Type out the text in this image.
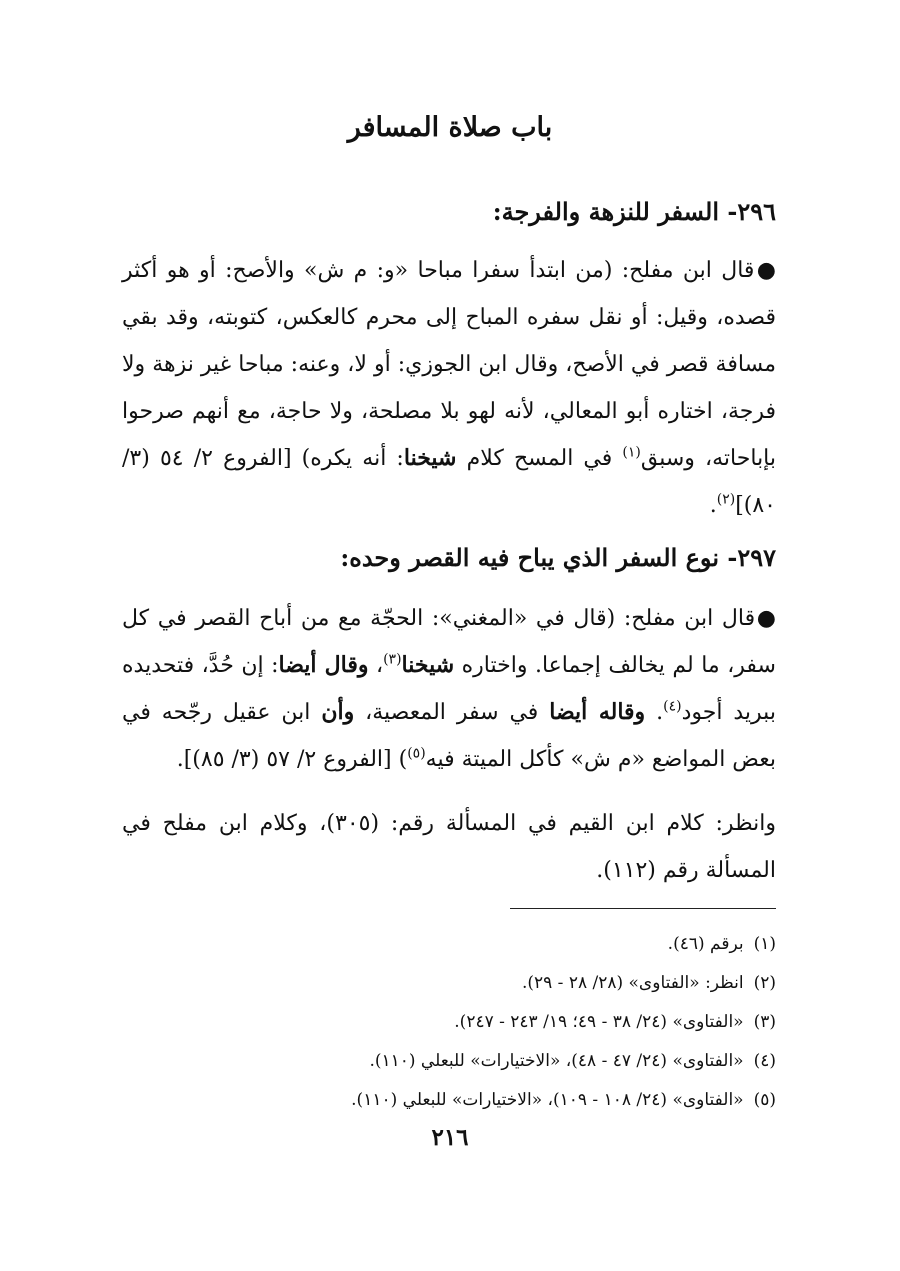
باب صلاة المسافر
٢٩٦- السفر للنزهة والفرجة:
●قال ابن مفلح: (من ابتدأ سفرا مباحا «و: م ش» والأصح: أو هو أكثر قصده، وقيل: أو نقل سفره المباح إلى محرم كالعكس، كتوبته، وقد بقي مسافة قصر في الأصح، وقال ابن الجوزي: أو لا، وعنه: مباحا غير نزهة ولا فرجة، اختاره أبو المعالي، لأنه لهو بلا مصلحة، ولا حاجة، مع أنهم صرحوا بإباحاته، وسبق$^{(١)}$ في المسح كلام شيخنا: أنه يكره) [الفروع ٢/ ٥٤ (٣/ ٨٠)]$^{(٢)}$.
٢٩٧- نوع السفر الذي يباح فيه القصر وحده:
●قال ابن مفلح: (قال في «المغني»: الحجّة مع من أباح القصر في كل سفر، ما لم يخالف إجماعا. واختاره شيخنا$^{(٣)}$، وقال أيضا: إن حُدَّ، فتحديده ببريد أجود$^{(٤)}$. وقاله أيضا في سفر المعصية، وأن ابن عقيل رجّحه في بعض المواضع «م ش» كأكل الميتة فيه$^{(٥)}$) [الفروع ٢/ ٥٧ (٣/ ٨٥)].
وانظر: كلام ابن القيم في المسألة رقم: (٣٠٥)، وكلام ابن مفلح في المسألة رقم (١١٢).
(١)برقم (٤٦).
(٢)انظر: «الفتاوى» (٢٨/ ٢٨ - ٢٩).
(٣)«الفتاوى» (٢٤/ ٣٨ - ٤٩؛ ١٩/ ٢٤٣ - ٢٤٧).
(٤)«الفتاوى» (٢٤/ ٤٧ - ٤٨)، «الاختيارات» للبعلي (١١٠).
(٥)«الفتاوى» (٢٤/ ١٠٨ - ١٠٩)، «الاختيارات» للبعلي (١١٠).
٢١٦
